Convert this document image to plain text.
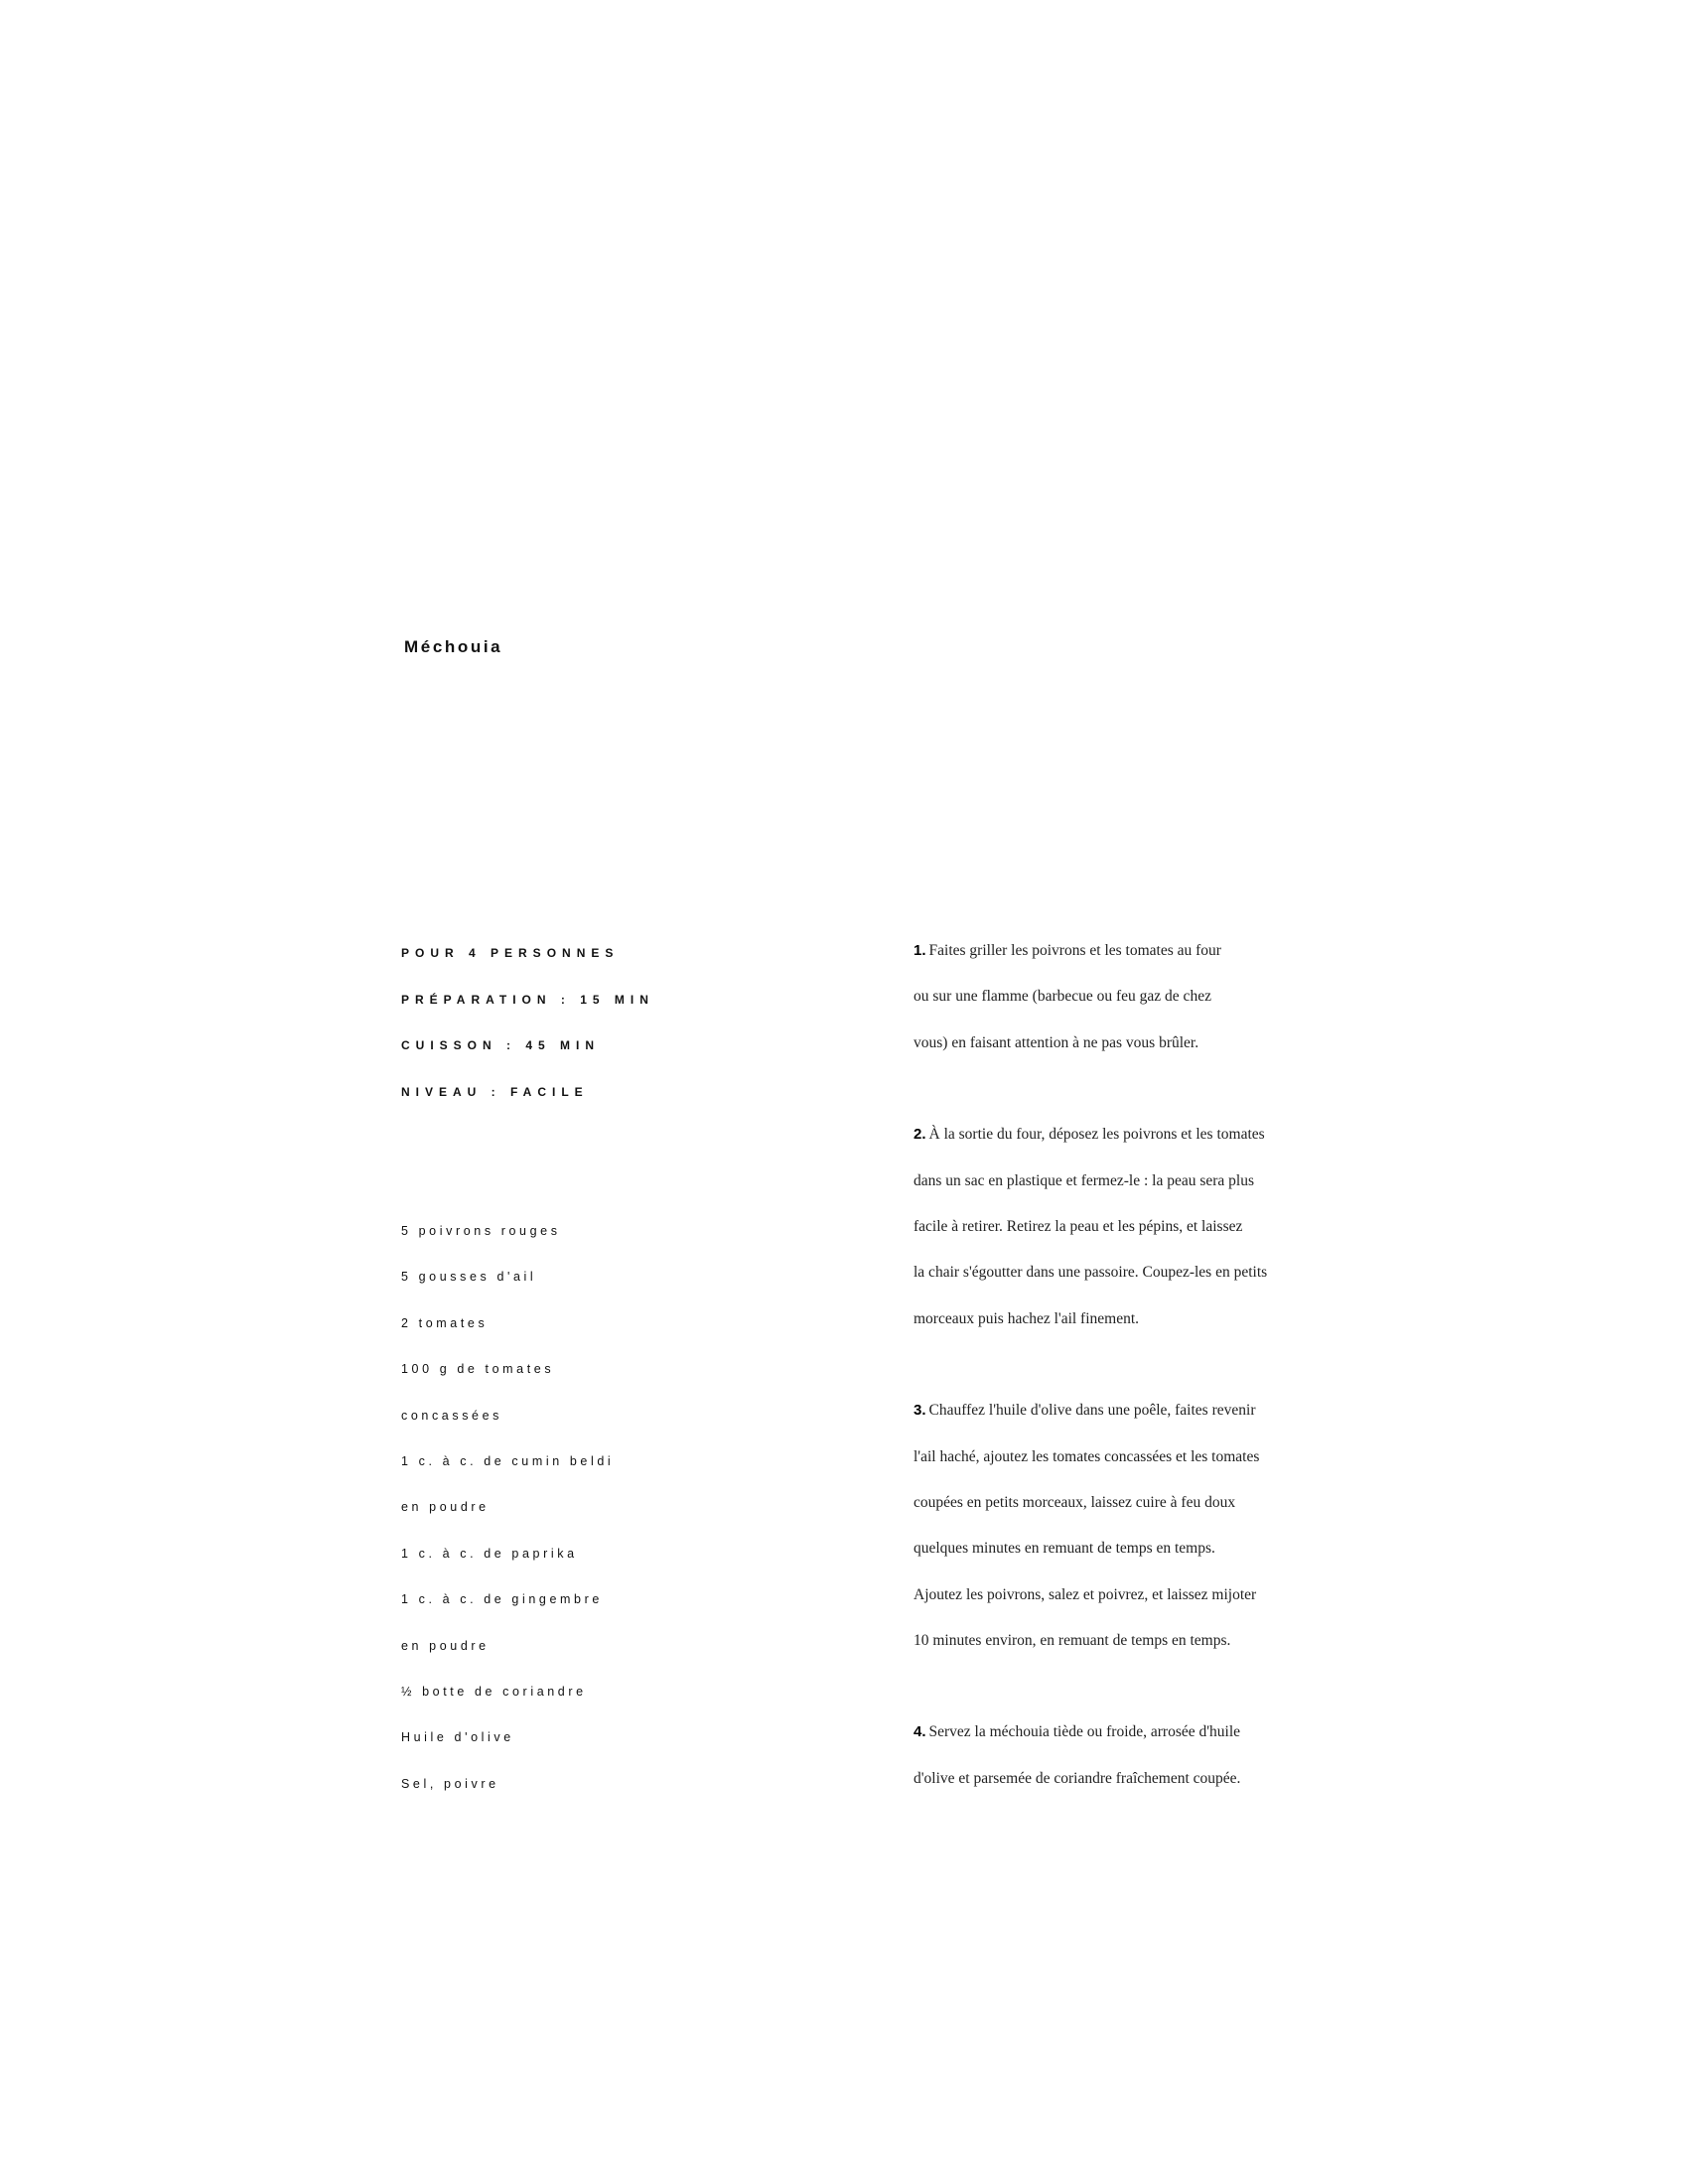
Méchouia
POUR 4 PERSONNES
PRÉPARATION : 15 MIN
CUISSON : 45 MIN
NIVEAU : FACILE
5 poivrons rouges
5 gousses d'ail
2 tomates
100 g de tomates
concassées
1 c. à c. de cumin beldi
en poudre
1 c. à c. de paprika
1 c. à c. de gingembre
en poudre
½ botte de coriandre
Huile d'olive
Sel, poivre
1. Faites griller les poivrons et les tomates au four
ou sur une flamme (barbecue ou feu gaz de chez
vous) en faisant attention à ne pas vous brûler.
2. À la sortie du four, déposez les poivrons et les tomates
dans un sac en plastique et fermez-le : la peau sera plus
facile à retirer. Retirez la peau et les pépins, et laissez
la chair s'égoutter dans une passoire. Coupez-les en petits
morceaux puis hachez l'ail finement.
3. Chauffez l'huile d'olive dans une poêle, faites revenir
l'ail haché, ajoutez les tomates concassées et les tomates
coupées en petits morceaux, laissez cuire à feu doux
quelques minutes en remuant de temps en temps.
Ajoutez les poivrons, salez et poivrez, et laissez mijoter
10 minutes environ, en remuant de temps en temps.
4. Servez la méchouia tiède ou froide, arrosée d'huile
d'olive et parsemée de coriandre fraîchement coupée.
